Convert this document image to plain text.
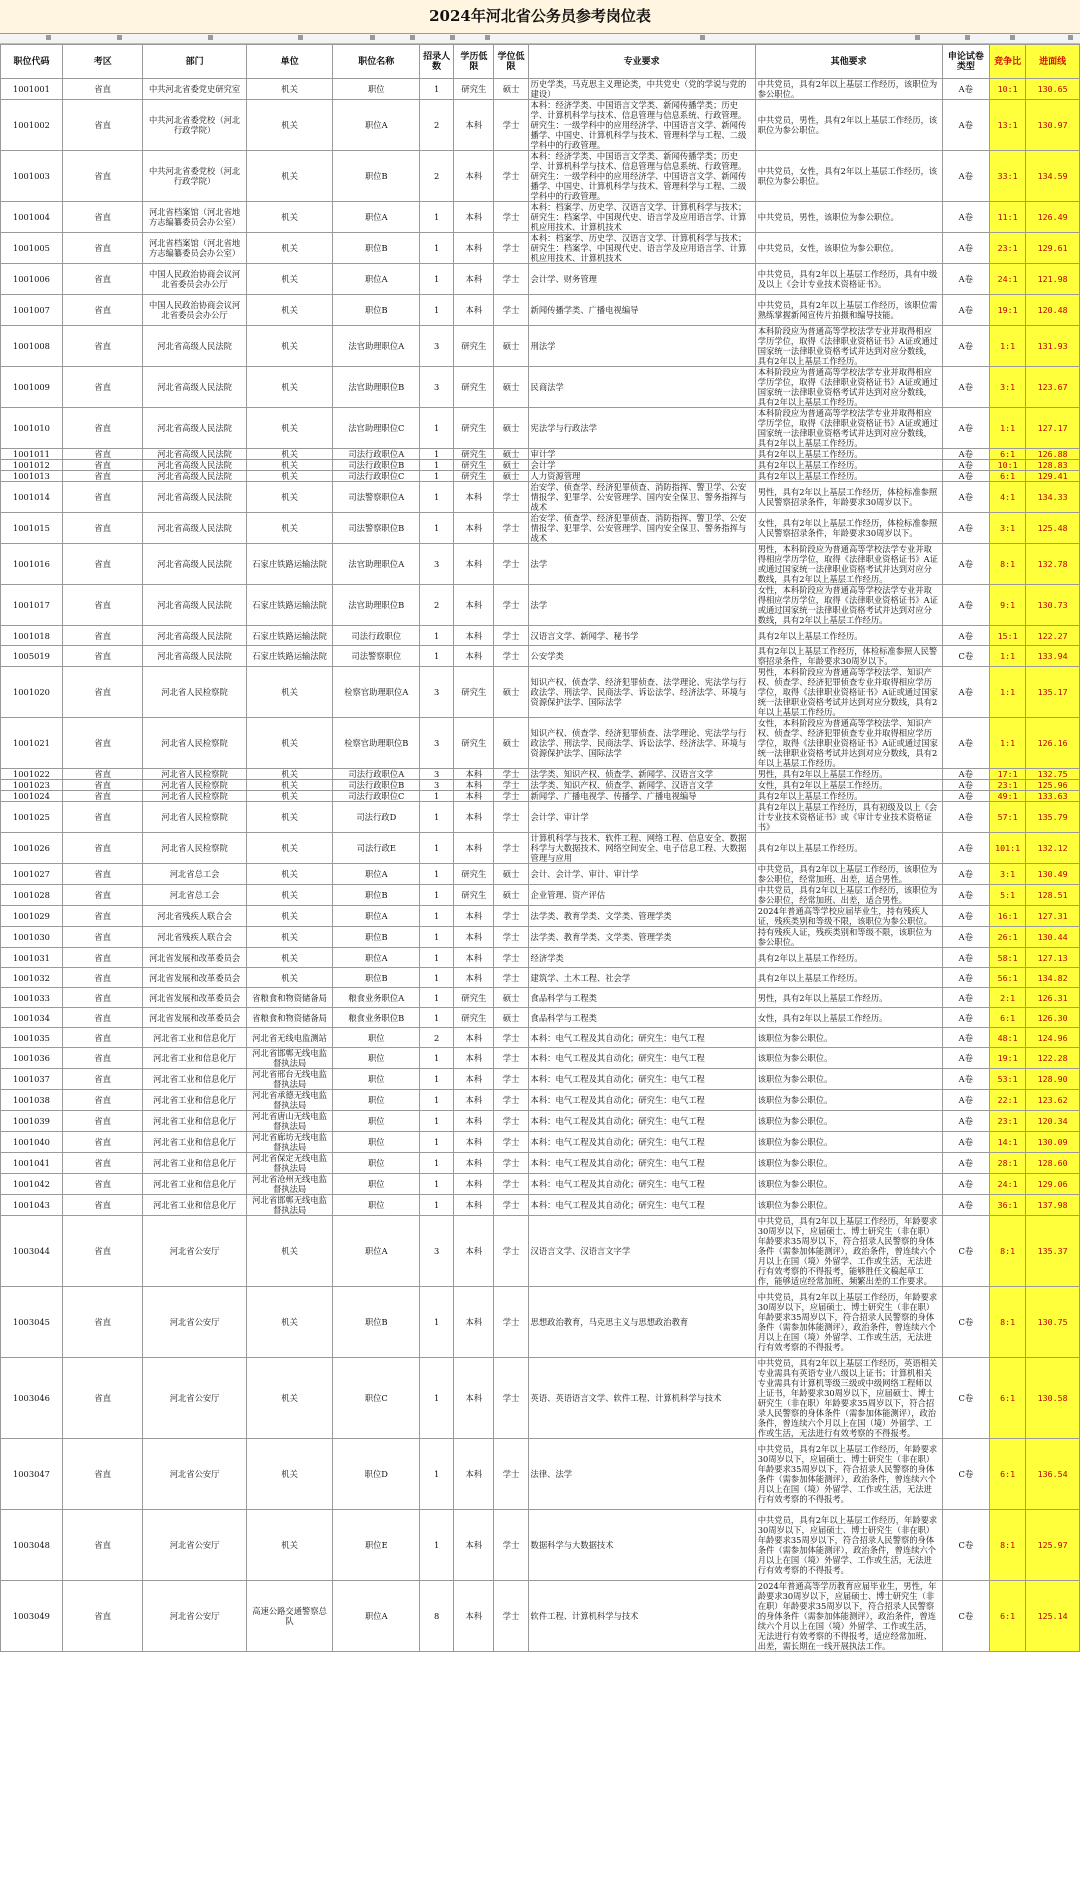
2024年河北省公务员参考岗位表
职位代码	考区	部门	单位	职位名称	招录人数	学历低限	学位低限	专业要求	其他要求	申论试卷类型	竞争比	进面线
1001001	省直	中共河北省委党史研究室	机关	职位	1	研究生	硕士	历史学类，马克思主义理论类，中共党史（党的学说与党的建设）	中共党员，具有2年以上基层工作经历，该职位为参公职位。	A卷	10:1	130.65
1001002	省直	中共河北省委党校（河北行政学院）	机关	职位A	2	本科	学士	本科：经济学类、中国语言文学类、新闻传播学类；历史学、计算机科学与技术、信息管理与信息系统、行政管理。研究生：一级学科中的应用经济学、中国语言文学、新闻传播学、中国史、计算机科学与技术、管理科学与工程、二级学科中的行政管理。	中共党员，男性，具有2年以上基层工作经历，该职位为参公职位。	A卷	13:1	130.97
1001003	省直	中共河北省委党校（河北行政学院）	机关	职位B	2	本科	学士	本科：经济学类、中国语言文学类、新闻传播学类；历史学、计算机科学与技术、信息管理与信息系统、行政管理。研究生：一级学科中的应用经济学、中国语言文学、新闻传播学、中国史、计算机科学与技术、管理科学与工程、二级学科中的行政管理。	中共党员，女性，具有2年以上基层工作经历，该职位为参公职位。	A卷	33:1	134.59
1001004	省直	河北省档案馆（河北省地方志编纂委员会办公室）	机关	职位A	1	本科	学士	本科：档案学、历史学、汉语言文学、计算机科学与技术；研究生：档案学、中国现代史、语言学及应用语言学、计算机应用技术、计算机技术	中共党员，男性，该职位为参公职位。	A卷	11:1	126.49
1001005	省直	河北省档案馆（河北省地方志编纂委员会办公室）	机关	职位B	1	本科	学士	本科：档案学、历史学、汉语言文学、计算机科学与技术；研究生：档案学、中国现代史、语言学及应用语言学、计算机应用技术、计算机技术	中共党员，女性，该职位为参公职位。	A卷	23:1	129.61
1001006	省直	中国人民政治协商会议河北省委员会办公厅	机关	职位A	1	本科	学士	会计学、财务管理	中共党员，具有2年以上基层工作经历，具有中级及以上《会计专业技术资格证书》。	A卷	24:1	121.98
1001007	省直	中国人民政治协商会议河北省委员会办公厅	机关	职位B	1	本科	学士	新闻传播学类、广播电视编导	中共党员，具有2年以上基层工作经历，该职位需熟练掌握新闻宣传片拍摄和编导技能。	A卷	19:1	120.48
1001008	省直	河北省高级人民法院	机关	法官助理职位A	3	研究生	硕士	刑法学	本科阶段应为普通高等学校法学专业并取得相应学历学位，取得《法律职业资格证书》A证或通过国家统一法律职业资格考试并达到对应分数线，具有2年以上基层工作经历。	A卷	1:1	131.93
1001009	省直	河北省高级人民法院	机关	法官助理职位B	3	研究生	硕士	民商法学	本科阶段应为普通高等学校法学专业并取得相应学历学位，取得《法律职业资格证书》A证或通过国家统一法律职业资格考试并达到对应分数线，具有2年以上基层工作经历。	A卷	3:1	123.67
1001010	省直	河北省高级人民法院	机关	法官助理职位C	1	研究生	硕士	宪法学与行政法学	本科阶段应为普通高等学校法学专业并取得相应学历学位，取得《法律职业资格证书》A证或通过国家统一法律职业资格考试并达到对应分数线，具有2年以上基层工作经历。	A卷	1:1	127.17
1001011	省直	河北省高级人民法院	机关	司法行政职位A	1	研究生	硕士	审计学	具有2年以上基层工作经历。	A卷	6:1	126.88
1001012	省直	河北省高级人民法院	机关	司法行政职位B	1	研究生	硕士	会计学	具有2年以上基层工作经历。	A卷	10:1	128.83
1001013	省直	河北省高级人民法院	机关	司法行政职位C	1	研究生	硕士	人力资源管理	具有2年以上基层工作经历。	A卷	6:1	129.41
1001014	省直	河北省高级人民法院	机关	司法警察职位A	1	本科	学士	治安学、侦查学、经济犯罪侦查、消防指挥、警卫学、公安情报学、犯罪学、公安管理学、国内安全保卫、警务指挥与战术	男性，具有2年以上基层工作经历，体检标准参照人民警察招录条件，年龄要求30周岁以下。	A卷	4:1	134.33
1001015	省直	河北省高级人民法院	机关	司法警察职位B	1	本科	学士	治安学、侦查学、经济犯罪侦查、消防指挥、警卫学、公安情报学、犯罪学、公安管理学、国内安全保卫、警务指挥与战术	女性，具有2年以上基层工作经历，体检标准参照人民警察招录条件，年龄要求30周岁以下。	A卷	3:1	125.48
1001016	省直	河北省高级人民法院	石家庄铁路运输法院	法官助理职位A	3	本科	学士	法学	男性，本科阶段应为普通高等学校法学专业并取得相应学历学位，取得《法律职业资格证书》A证或通过国家统一法律职业资格考试并达到对应分数线，具有2年以上基层工作经历。	A卷	8:1	132.78
1001017	省直	河北省高级人民法院	石家庄铁路运输法院	法官助理职位B	2	本科	学士	法学	女性，本科阶段应为普通高等学校法学专业并取得相应学历学位，取得《法律职业资格证书》A证或通过国家统一法律职业资格考试并达到对应分数线，具有2年以上基层工作经历。	A卷	9:1	130.73
1001018	省直	河北省高级人民法院	石家庄铁路运输法院	司法行政职位	1	本科	学士	汉语言文学、新闻学、秘书学	具有2年以上基层工作经历。	A卷	15:1	122.27
1005019	省直	河北省高级人民法院	石家庄铁路运输法院	司法警察职位	1	本科	学士	公安学类	具有2年以上基层工作经历，体检标准参照人民警察招录条件，年龄要求30周岁以下。	C卷	1:1	133.94
1001020	省直	河北省人民检察院	机关	检察官助理职位A	3	研究生	硕士	知识产权、侦查学、经济犯罪侦查、法学理论、宪法学与行政法学、刑法学、民商法学、诉讼法学、经济法学、环境与资源保护法学、国际法学	男性，本科阶段应为普通高等学校法学、知识产权、侦查学、经济犯罪侦查专业并取得相应学历学位，取得《法律职业资格证书》A证或通过国家统一法律职业资格考试并达到对应分数线，具有2年以上基层工作经历。	A卷	1:1	135.17
1001021	省直	河北省人民检察院	机关	检察官助理职位B	3	研究生	硕士	知识产权、侦查学、经济犯罪侦查、法学理论、宪法学与行政法学、刑法学、民商法学、诉讼法学、经济法学、环境与资源保护法学、国际法学	女性，本科阶段应为普通高等学校法学、知识产权、侦查学、经济犯罪侦查专业并取得相应学历学位，取得《法律职业资格证书》A证或通过国家统一法律职业资格考试并达到对应分数线，具有2年以上基层工作经历。	A卷	1:1	126.16
1001022	省直	河北省人民检察院	机关	司法行政职位A	3	本科	学士	法学类、知识产权、侦查学、新闻学、汉语言文学	男性，具有2年以上基层工作经历。	A卷	17:1	132.75
1001023	省直	河北省人民检察院	机关	司法行政职位B	3	本科	学士	法学类、知识产权、侦查学、新闻学、汉语言文学	女性，具有2年以上基层工作经历。	A卷	23:1	125.96
1001024	省直	河北省人民检察院	机关	司法行政职位C	1	本科	学士	新闻学、广播电视学、传播学、广播电视编导	具有2年以上基层工作经历。	A卷	49:1	133.63
1001025	省直	河北省人民检察院	机关	司法行政D	1	本科	学士	会计学、审计学	具有2年以上基层工作经历，具有初级及以上《会计专业技术资格证书》或《审计专业技术资格证书》	A卷	57:1	135.79
1001026	省直	河北省人民检察院	机关	司法行政E	1	本科	学士	计算机科学与技术、软件工程、网络工程、信息安全、数据科学与大数据技术、网络空间安全、电子信息工程、大数据管理与应用	具有2年以上基层工作经历。	A卷	101:1	132.12
1001027	省直	河北省总工会	机关	职位A	1	研究生	硕士	会计、会计学、审计、审计学	中共党员，具有2年以上基层工作经历，该职位为参公职位，经常加班、出差，适合男性。	A卷	3:1	130.49
1001028	省直	河北省总工会	机关	职位B	1	研究生	硕士	企业管理、资产评估	中共党员，具有2年以上基层工作经历，该职位为参公职位，经常加班、出差，适合男性。	A卷	5:1	128.51
1001029	省直	河北省残疾人联合会	机关	职位A	1	本科	学士	法学类、教育学类、文学类、管理学类	2024年普通高等学校应届毕业生，持有残疾人证，残疾类别和等级不限，该职位为参公职位。	A卷	16:1	127.31
1001030	省直	河北省残疾人联合会	机关	职位B	1	本科	学士	法学类、教育学类、文学类、管理学类	持有残疾人证，残疾类别和等级不限，该职位为参公职位。	A卷	26:1	130.44
1001031	省直	河北省发展和改革委员会	机关	职位A	1	本科	学士	经济学类	具有2年以上基层工作经历。	A卷	58:1	127.13
1001032	省直	河北省发展和改革委员会	机关	职位B	1	本科	学士	建筑学、土木工程、社会学	具有2年以上基层工作经历。	A卷	56:1	134.82
1001033	省直	河北省发展和改革委员会	省粮食和物资储备局	粮食业务职位A	1	研究生	硕士	食品科学与工程类	男性，具有2年以上基层工作经历。	A卷	2:1	126.31
1001034	省直	河北省发展和改革委员会	省粮食和物资储备局	粮食业务职位B	1	研究生	硕士	食品科学与工程类	女性，具有2年以上基层工作经历。	A卷	6:1	126.30
1001035	省直	河北省工业和信息化厅	河北省无线电监测站	职位	2	本科	学士	本科：电气工程及其自动化；研究生：电气工程	该职位为参公职位。	A卷	48:1	124.96
1001036	省直	河北省工业和信息化厅	河北省邯郸无线电监督执法局	职位	1	本科	学士	本科：电气工程及其自动化；研究生：电气工程	该职位为参公职位。	A卷	19:1	122.28
1001037	省直	河北省工业和信息化厅	河北省邢台无线电监督执法局	职位	1	本科	学士	本科：电气工程及其自动化；研究生：电气工程	该职位为参公职位。	A卷	53:1	128.90
1001038	省直	河北省工业和信息化厅	河北省承德无线电监督执法局	职位	1	本科	学士	本科：电气工程及其自动化；研究生：电气工程	该职位为参公职位。	A卷	22:1	123.62
1001039	省直	河北省工业和信息化厅	河北省唐山无线电监督执法局	职位	1	本科	学士	本科：电气工程及其自动化；研究生：电气工程	该职位为参公职位。	A卷	23:1	120.34
1001040	省直	河北省工业和信息化厅	河北省廊坊无线电监督执法局	职位	1	本科	学士	本科：电气工程及其自动化；研究生：电气工程	该职位为参公职位。	A卷	14:1	130.09
1001041	省直	河北省工业和信息化厅	河北省保定无线电监督执法局	职位	1	本科	学士	本科：电气工程及其自动化；研究生：电气工程	该职位为参公职位。	A卷	28:1	128.60
1001042	省直	河北省工业和信息化厅	河北省沧州无线电监督执法局	职位	1	本科	学士	本科：电气工程及其自动化；研究生：电气工程	该职位为参公职位。	A卷	24:1	129.06
1001043	省直	河北省工业和信息化厅	河北省邯郸无线电监督执法局	职位	1	本科	学士	本科：电气工程及其自动化；研究生：电气工程	该职位为参公职位。	A卷	36:1	137.98
1003044	省直	河北省公安厅	机关	职位A	3	本科	学士	汉语言文学、汉语言文字学	中共党员，具有2年以上基层工作经历，年龄要求30周岁以下，应届硕士、博士研究生（非在职）年龄要求35周岁以下，符合招录人民警察的身体条件（需参加体能测评），政治条件，曾连续六个月以上在国（境）外留学、工作或生活，无法进行有效考察的不得报考，能够胜任文稿起草工作，能够适应经常加班、频繁出差的工作要求。	C卷	8:1	135.37
1003045	省直	河北省公安厅	机关	职位B	1	本科	学士	思想政治教育，马克思主义与思想政治教育	中共党员，具有2年以上基层工作经历，年龄要求30周岁以下，应届硕士、博士研究生（非在职）年龄要求35周岁以下，符合招录人民警察的身体条件（需参加体能测评），政治条件，曾连续六个月以上在国（境）外留学、工作或生活，无法进行有效考察的不得报考。	C卷	8:1	130.75
1003046	省直	河北省公安厅	机关	职位C	1	本科	学士	英语、英语语言文学、软件工程、计算机科学与技术	中共党员，具有2年以上基层工作经历，英语相关专业需具有英语专业八级以上证书；计算机相关专业需具有计算机等级三级或中级网络工程师以上证书，年龄要求30周岁以下，应届硕士、博士研究生（非在职）年龄要求35周岁以下，符合招录人民警察的身体条件（需参加体能测评），政治条件，曾连续六个月以上在国（境）外留学、工作或生活，无法进行有效考察的不得报考。	C卷	6:1	130.58
1003047	省直	河北省公安厅	机关	职位D	1	本科	学士	法律、法学	中共党员，具有2年以上基层工作经历，年龄要求30周岁以下，应届硕士、博士研究生（非在职）年龄要求35周岁以下，符合招录人民警察的身体条件（需参加体能测评），政治条件，曾连续六个月以上在国（境）外留学、工作或生活，无法进行有效考察的不得报考。	C卷	6:1	136.54
1003048	省直	河北省公安厅	机关	职位E	1	本科	学士	数据科学与大数据技术	中共党员，具有2年以上基层工作经历，年龄要求30周岁以下，应届硕士、博士研究生（非在职）年龄要求35周岁以下，符合招录人民警察的身体条件（需参加体能测评），政治条件，曾连续六个月以上在国（境）外留学、工作或生活，无法进行有效考察的不得报考。	C卷	8:1	125.97
1003049	省直	河北省公安厅	高速公路交通警察总队	职位A	8	本科	学士	软件工程、计算机科学与技术	2024年普通高等学历教育应届毕业生，男性，年龄要求30周岁以下，应届硕士、博士研究生（非在职）年龄要求35周岁以下，符合招录人民警察的身体条件（需参加体能测评），政治条件，曾连续六个月以上在国（境）外留学、工作或生活，无法进行有效考察的不得报考，适应经常加班、出差，需长期在一线开展执法工作。	C卷	6:1	125.14
